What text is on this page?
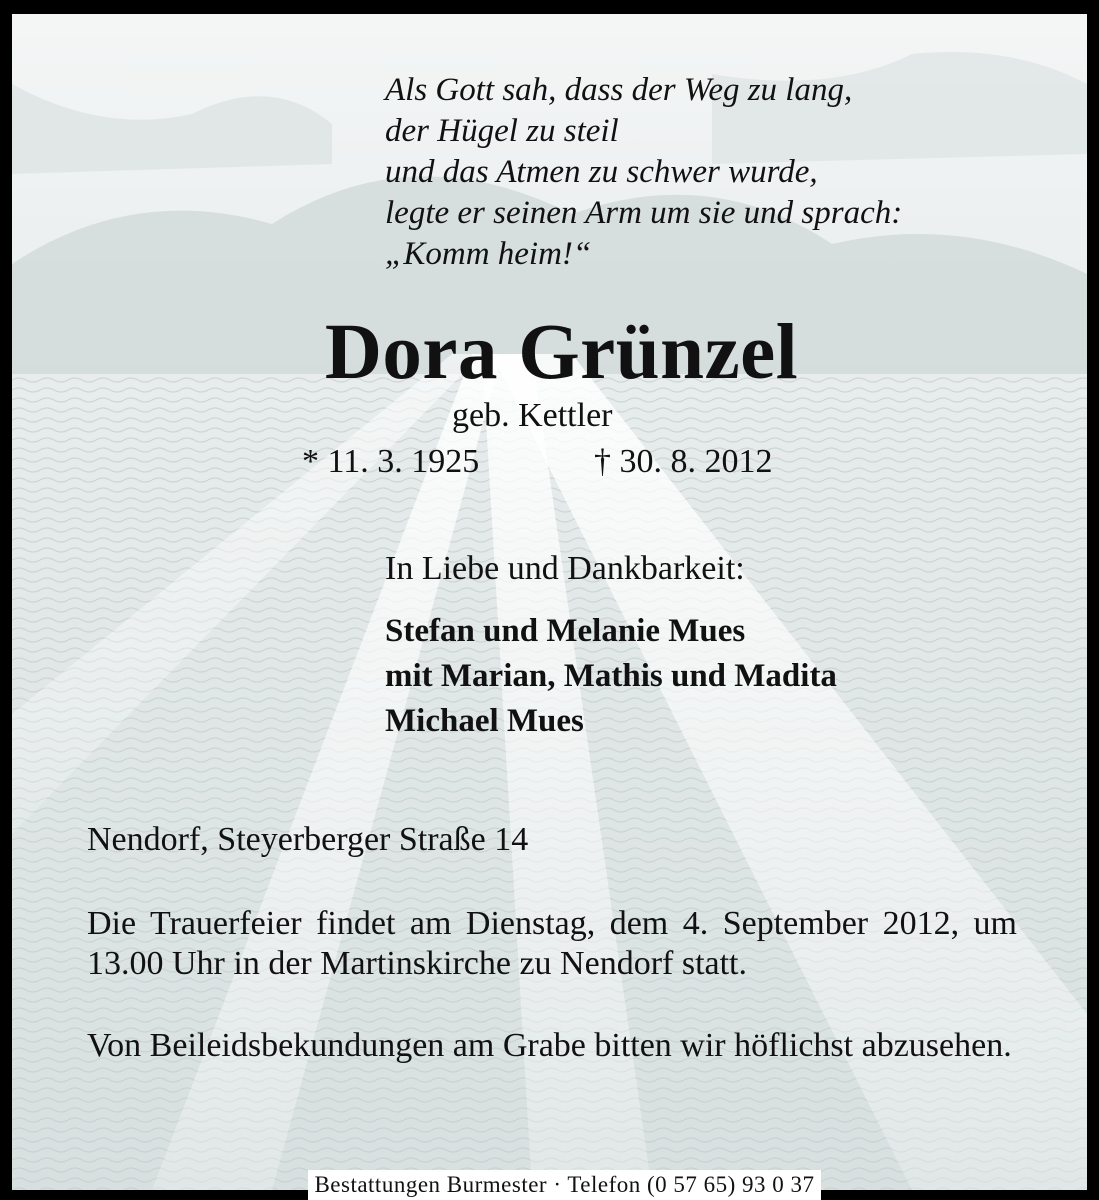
Als Gott sah, dass der Weg zu lang,
der Hügel zu steil
und das Atmen zu schwer wurde,
legte er seinen Arm um sie und sprach:
„Komm heim!“
Dora Grünzel
geb. Kettler
* 11. 3. 1925	† 30. 8. 2012
In Liebe und Dankbarkeit:
Stefan und Melanie Mues
mit Marian, Mathis und Madita
Michael Mues
Nendorf, Steyerberger Straße 14
Die Trauerfeier findet am Dienstag, dem 4. September 2012, um 13.00 Uhr in der Martinskirche zu Nendorf statt.
Von Beileidsbekundungen am Grabe bitten wir höflichst abzusehen.
Bestattungen Burmester · Telefon (0 57 65) 93 0 37
